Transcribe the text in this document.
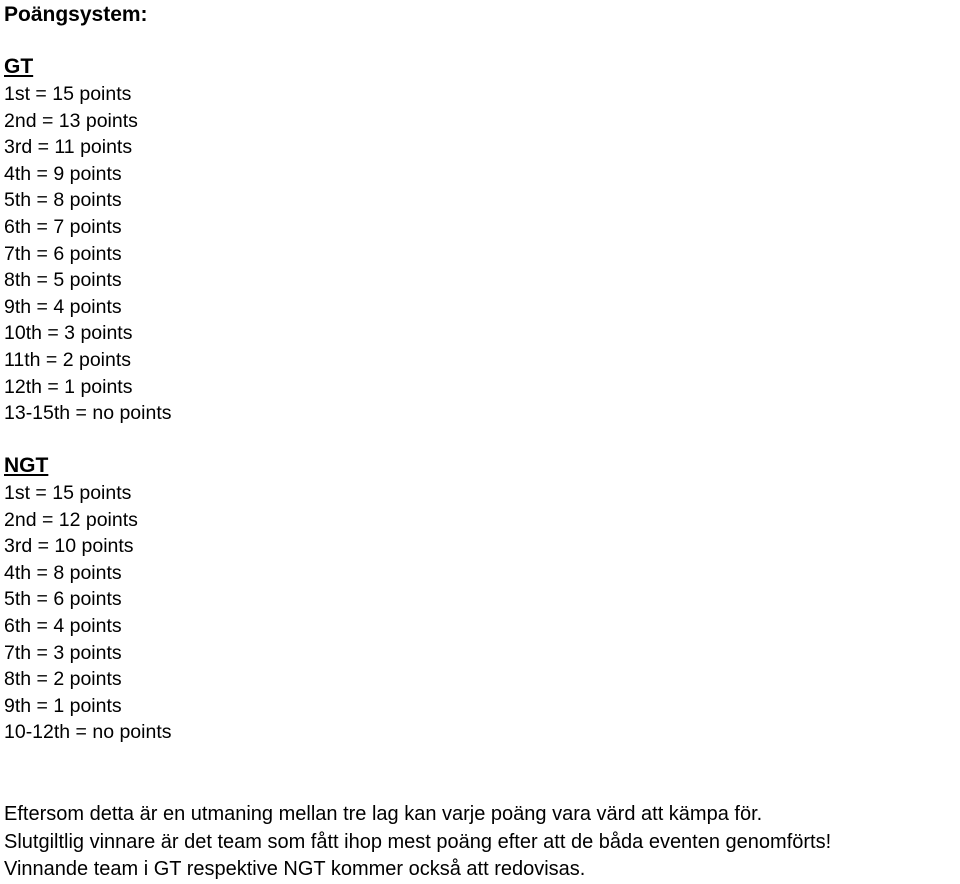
Poängsystem:
GT
1st = 15 points
2nd = 13 points
3rd = 11 points
4th = 9 points
5th = 8 points
6th = 7 points
7th = 6 points
8th = 5 points
9th = 4 points
10th = 3 points
11th = 2 points
12th = 1 points
13-15th = no points
NGT
1st = 15 points
2nd = 12 points
3rd = 10 points
4th = 8 points
5th = 6 points
6th = 4 points
7th = 3 points
8th = 2 points
9th = 1 points
10-12th = no points

Eftersom detta är en utmaning mellan tre lag kan varje poäng vara värd att kämpa för.

Slutgiltlig vinnare är det team som fått ihop mest poäng efter att de båda eventen genomförts!

Vinnande team i GT respektive NGT kommer också att redovisas.
